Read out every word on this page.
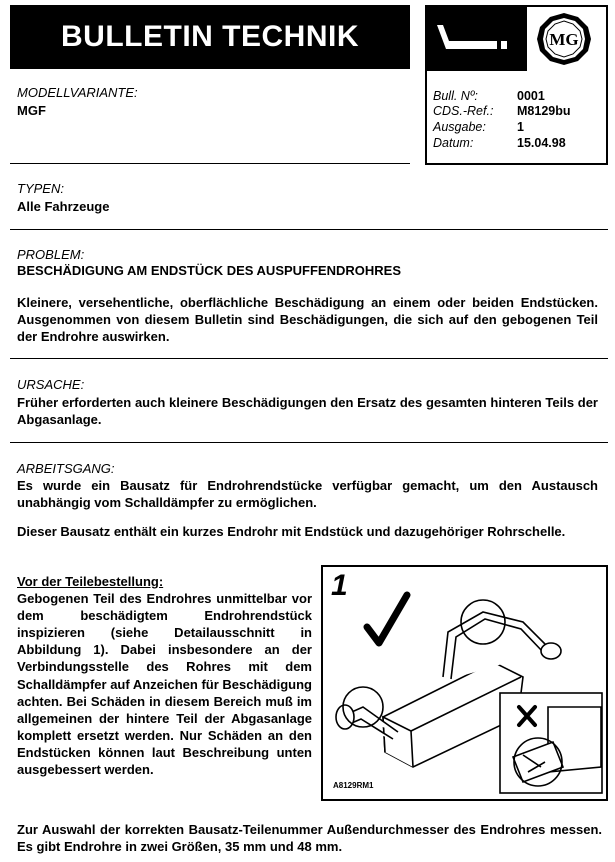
BULLETIN TECHNIK	MG
Bull. Nº:	0001
CDS.-Ref.: M8129bu
Ausgabe: 1
Datum:	15.04.98
MODELLVARIANTE:
MGF
TYPEN:
Alle Fahrzeuge
PROBLEM:
BESCHÄDIGUNG AM ENDSTÜCK DES AUSPUFFENDROHRES
Kleinere, versehentliche, oberflächliche Beschädigung an einem oder beiden Endstücken. Ausgenommen von diesem Bulletin sind Beschädigungen, die sich auf den gebogenen Teil der Endrohre auswirken.
URSACHE:
Früher erforderten auch kleinere Beschädigungen den Ersatz des gesamten hinteren Teils der Abgasanlage.
ARBEITSGANG:
Es wurde ein Bausatz für Endrohrendstücke verfügbar gemacht, um den Austausch unabhängig vom Schalldämpfer zu ermöglichen.
Dieser Bausatz enthält ein kurzes Endrohr mit Endstück und dazugehöriger Rohrschelle.
Vor der Teilebestellung:
Gebogenen Teil des Endrohres unmittelbar vor dem beschädigtem Endrohrendstück inspizieren (siehe Detailausschnitt in Abbildung 1). Dabei insbesondere an der Verbindungsstelle des Rohres mit dem Schalldämpfer auf Anzeichen für Beschädigung achten. Bei Schäden in diesem Bereich muß im allgemeinen der hintere Teil der Abgasanlage komplett ersetzt werden. Nur Schäden an den Endstücken können laut Beschreibung unten ausgebessert werden.
1
A8129RM1
Zur Auswahl der korrekten Bausatz-Teilenummer Außendurchmesser des Endrohres messen. Es gibt Endrohre in zwei Größen, 35 mm und 48 mm.
